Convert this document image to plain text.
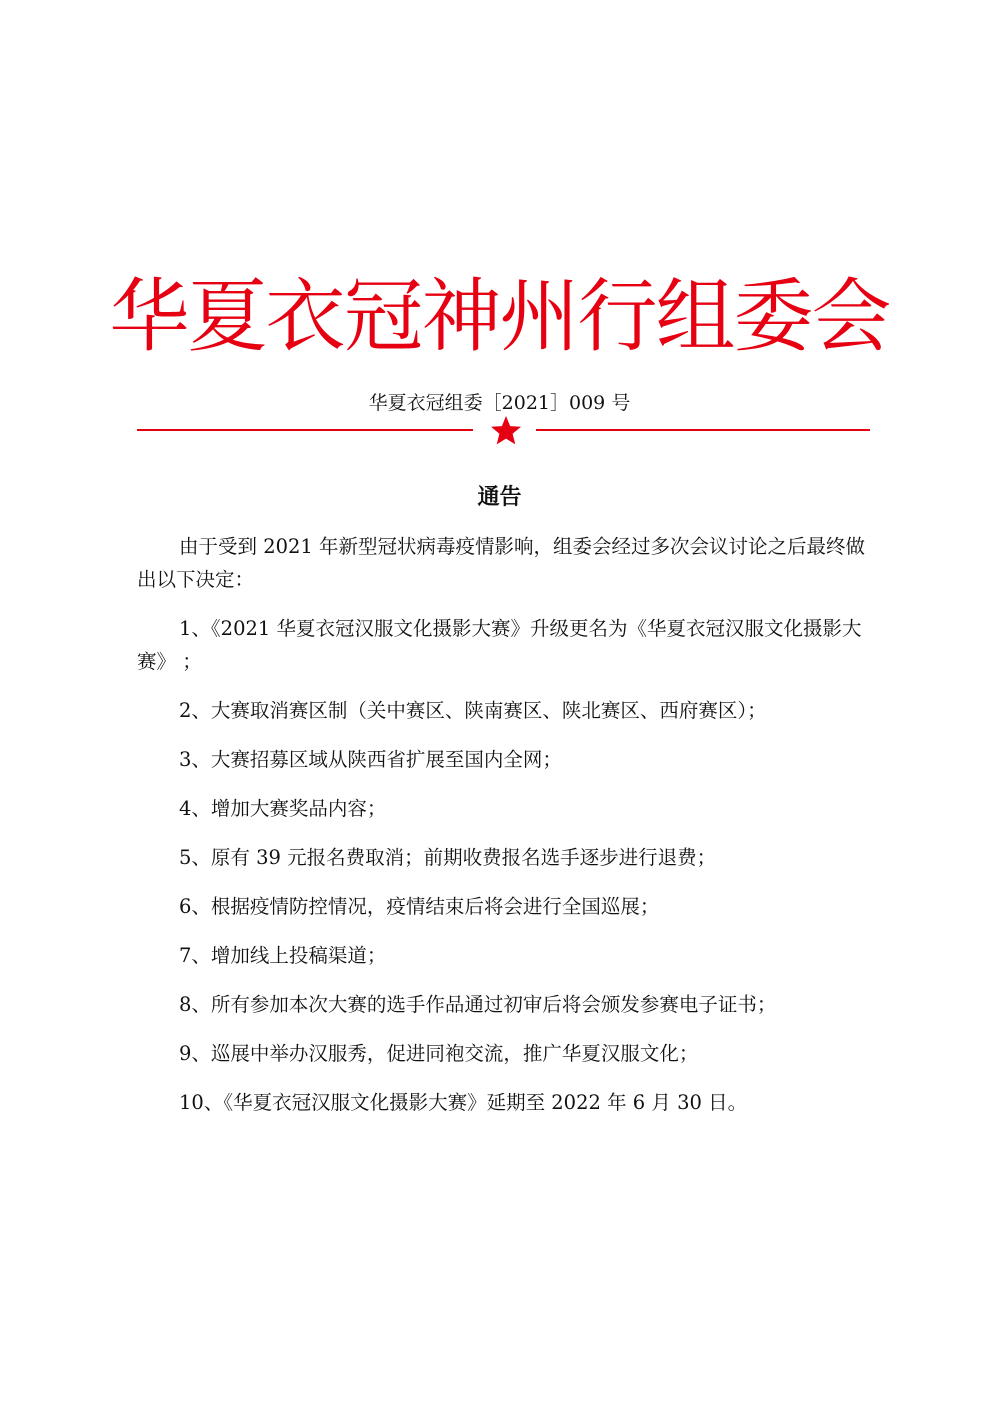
华夏衣冠神州行组委会
华夏衣冠组委［2021］009 号
通告

由于受到 2021 年新型冠状病毒疫情影响，组委会经过多次会议讨论之后最终做出以下决定：

1、《2021 华夏衣冠汉服文化摄影大赛》升级更名为《华夏衣冠汉服文化摄影大赛》 ；

2、大赛取消赛区制（关中赛区、陕南赛区、陕北赛区、西府赛区）；

3、大赛招募区域从陕西省扩展至国内全网；

4、增加大赛奖品内容；

5、原有 39 元报名费取消；前期收费报名选手逐步进行退费；

6、根据疫情防控情况，疫情结束后将会进行全国巡展；

7、增加线上投稿渠道；

8、所有参加本次大赛的选手作品通过初审后将会颁发参赛电子证书；

9、巡展中举办汉服秀，促进同袍交流，推广华夏汉服文化；

10、《华夏衣冠汉服文化摄影大赛》延期至 2022 年 6 月 30 日。
